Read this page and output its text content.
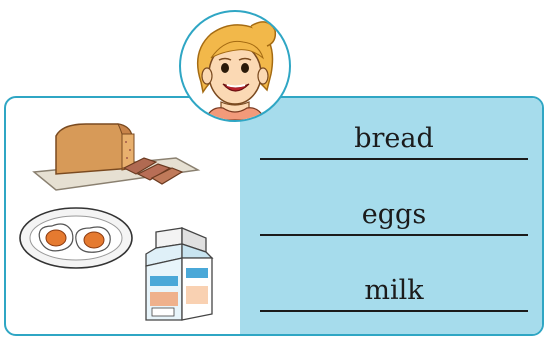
bread
eggs
milk
